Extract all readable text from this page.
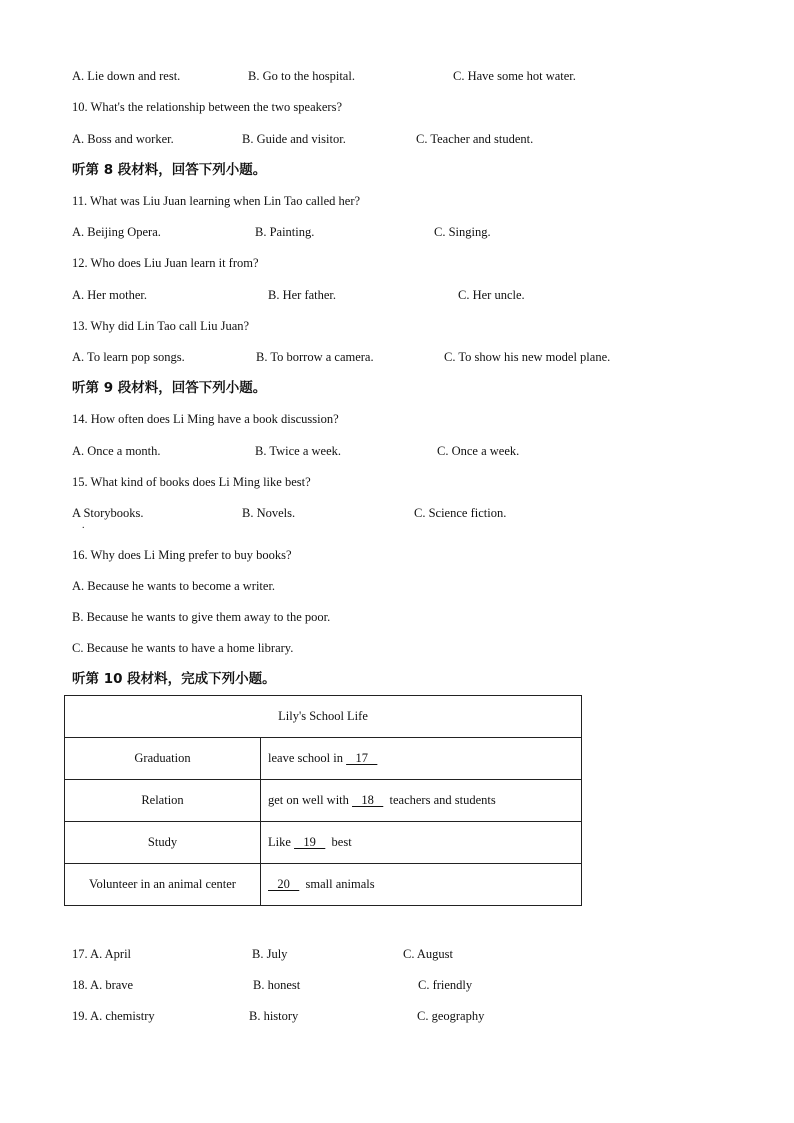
A. Lie down and rest.	B. Go to the hospital.	C. Have some hot water.
10. What's the relationship between the two speakers?
A. Boss and worker.	B. Guide and visitor.	C. Teacher and student.
听第 8 段材料，回答下列小题。
11. What was Liu Juan learning when Lin Tao called her?
A. Beijing Opera.	B. Painting.	C. Singing.
12. Who does Liu Juan learn it from?
A. Her mother.	B. Her father.	C. Her uncle.
13. Why did Lin Tao call Liu Juan?
A. To learn pop songs.	B. To borrow a camera.	C. To show his new model plane.
听第 9 段材料，回答下列小题。
14. How often does Li Ming have a book discussion?
A. Once a month.	B. Twice a week.	C. Once a week.
15. What kind of books does Li Ming like best?
A Storybooks.	B. Novels.	C. Science fiction.
.
16. Why does Li Ming prefer to buy books?
A. Because he wants to become a writer.
B. Because he wants to give them away to the poor.
C. Because he wants to have a home library.
听第 10 段材料，完成下列小题。
Lily's School Life	
Graduation	leave school in    17
Relation	get on well with    18     teachers and students
Study	Like    19     best
Volunteer in an animal center	20     small animals
17. A. April	B. July	C. August
18. A. brave	B. honest	C. friendly
19. A. chemistry	B. history	C. geography
